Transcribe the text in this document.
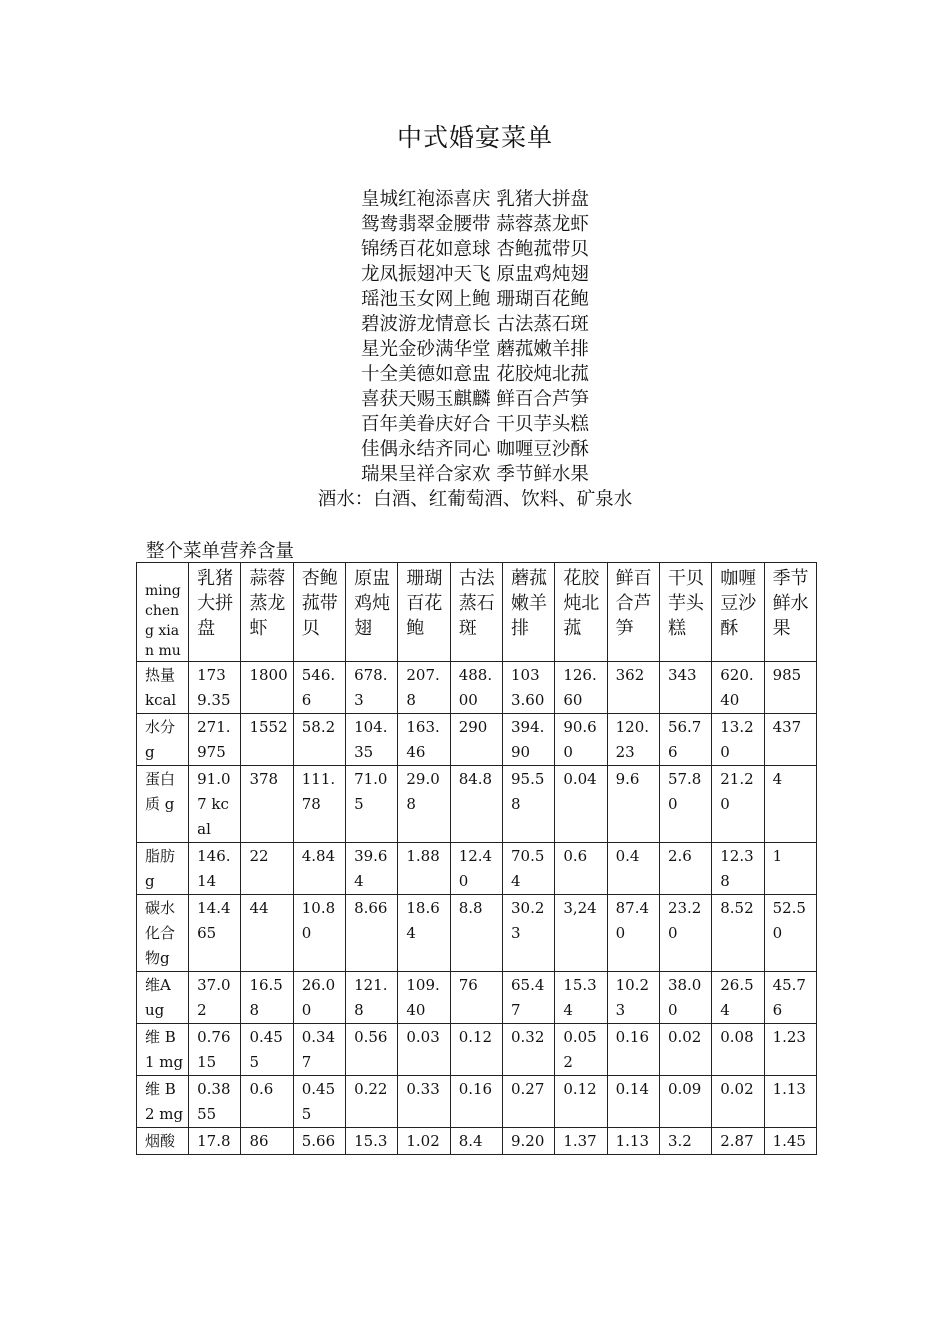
中式婚宴菜单
皇城红袍添喜庆 乳猪大拼盘
鸳鸯翡翠金腰带 蒜蓉蒸龙虾
锦绣百花如意球 杏鲍菰带贝
龙凤振翅冲天飞 原盅鸡炖翅
瑶池玉女网上鲍 珊瑚百花鲍
碧波游龙情意长 古法蒸石斑
星光金砂满华堂 蘑菰嫩羊排
十全美德如意盅 花胶炖北菰
喜获天赐玉麒麟 鲜百合芦笋
百年美眷庆好合 干贝芋头糕
佳偶永结齐同心 咖喱豆沙酥
瑞果呈祥合家欢 季节鲜水果
酒水：白酒、红葡萄酒、饮料、矿泉水
整个菜单营养含量
ming cheng xian mu	乳猪大拼盘	蒜蓉蒸龙虾	杏鲍菰带贝	原盅鸡炖翅	珊瑚百花鲍	古法蒸石斑	蘑菰嫩羊排	花胶炖北菰	鲜百合芦笋	干贝芋头糕	咖喱豆沙酥	季节鲜水果
热量 kcal	1739.35	1800	546.6	678.3	207.8	488.00	1033.60	126.60	362	343	620.40	985
水分 g	271.975	1552	58.2	104.35	163.46	290	394.90	90.60	120.23	56.76	13.20	437
蛋白质 g	91.07 kcal	378	111.78	71.05	29.08	84.8	95.58	0.04	9.6	57.80	21.20	4
脂肪 g	146.14	22	4.84	39.64	1.88	12.40	70.54	0.6	0.4	2.6	12.38	1
碳水化合物g	14.465	44	10.80	8.66	18.64	8.8	30.23	3,24	87.40	23.20	8.52	52.50
维A ug	37.02	16.58	26.00	121.8	109.40	76	65.47	15.34	10.23	38.00	26.54	45.76
维 B1 mg	0.7615	0.455	0.347	0.56	0.03	0.12	0.32	0.052	0.16	0.02	0.08	1.23
维 B2 mg	0.3855	0.6	0.455	0.22	0.33	0.16	0.27	0.12	0.14	0.09	0.02	1.13
烟酸	17.8	86	5.66	15.3	1.02	8.4	9.20	1.37	1.13	3.2	2.87	1.45
